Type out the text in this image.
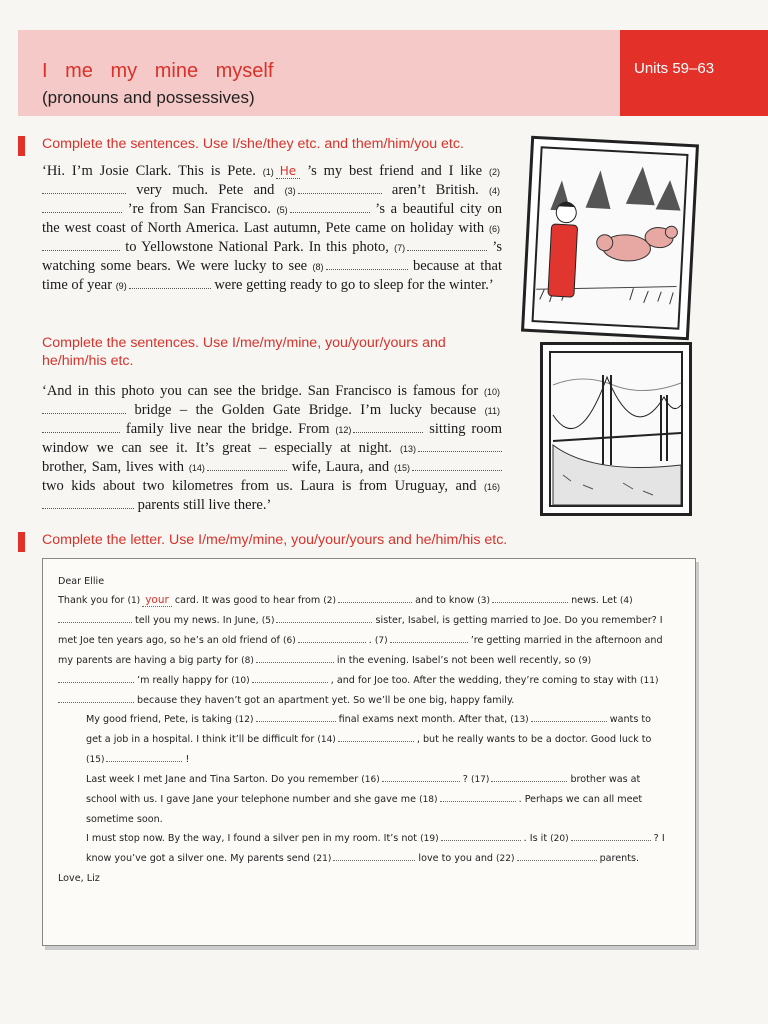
Units 59–63
I me my mine myself
(pronouns and possessives)
Complete the sentences. Use I/she/they etc. and them/him/you etc.
‘Hi. I’m Josie Clark. This is Pete. (1) He ’s my best friend and I like (2) very much. Pete and (3)	aren’t British. (4) ’re from San Francisco. (5)	’s a beautiful city on the west coast of North America. Last autumn, Pete came on holiday with (6) to Yellowstone National Park. In this photo, (7)	’s watching some bears. We were lucky to see (8)	because at that time of year (9)	were getting ready to go to sleep for the winter.’
Complete the sentences. Use I/me/my/mine, you/your/yours and
he/him/his etc.
‘And in this photo you can see the bridge. San Francisco is famous for (10) bridge – the Golden Gate Bridge. I’m lucky because (11) family live near the bridge. From (12)	sitting room window we can see it. It’s great – especially at night. (13) brother, Sam, lives with (14)	wife, Laura, and (15) two kids about two kilometres from us. Laura is from Uruguay, and (16) parents still live there.’
Complete the letter. Use I/me/my/mine, you/your/yours and he/him/his etc.

Dear Ellie

Thank you for (1) your card. It was good to hear from (2)	and to know (3)	news. Let (4) tell you my news. In June, (5)	sister, Isabel, is getting married to Joe. Do you remember? I met Joe ten years ago, so he’s an old friend of (6)	. (7)	’re getting married in the afternoon and my parents are having a big party for (8)	in the evening. Isabel’s not been well recently, so (9) ’m really happy for (10)	, and for Joe too. After the wedding, they’re coming to stay with (11) because they haven’t got an apartment yet. So we’ll be one big, happy family.

My good friend, Pete, is taking (12)	final exams next month. After that, (13)	wants to get a job in a hospital. I think it’ll be difficult for (14)	, but he really wants to be a doctor. Good luck to (15)	!

Last week I met Jane and Tina Sarton. Do you remember (16)	? (17)	brother was at school with us. I gave Jane your telephone number and she gave me (18)	. Perhaps we can all meet sometime soon.

I must stop now. By the way, I found a silver pen in my room. It’s not (19)	. Is it (20)	? I know you’ve got a silver one. My parents send (21)	love to you and (22)	parents.

Love, Liz
